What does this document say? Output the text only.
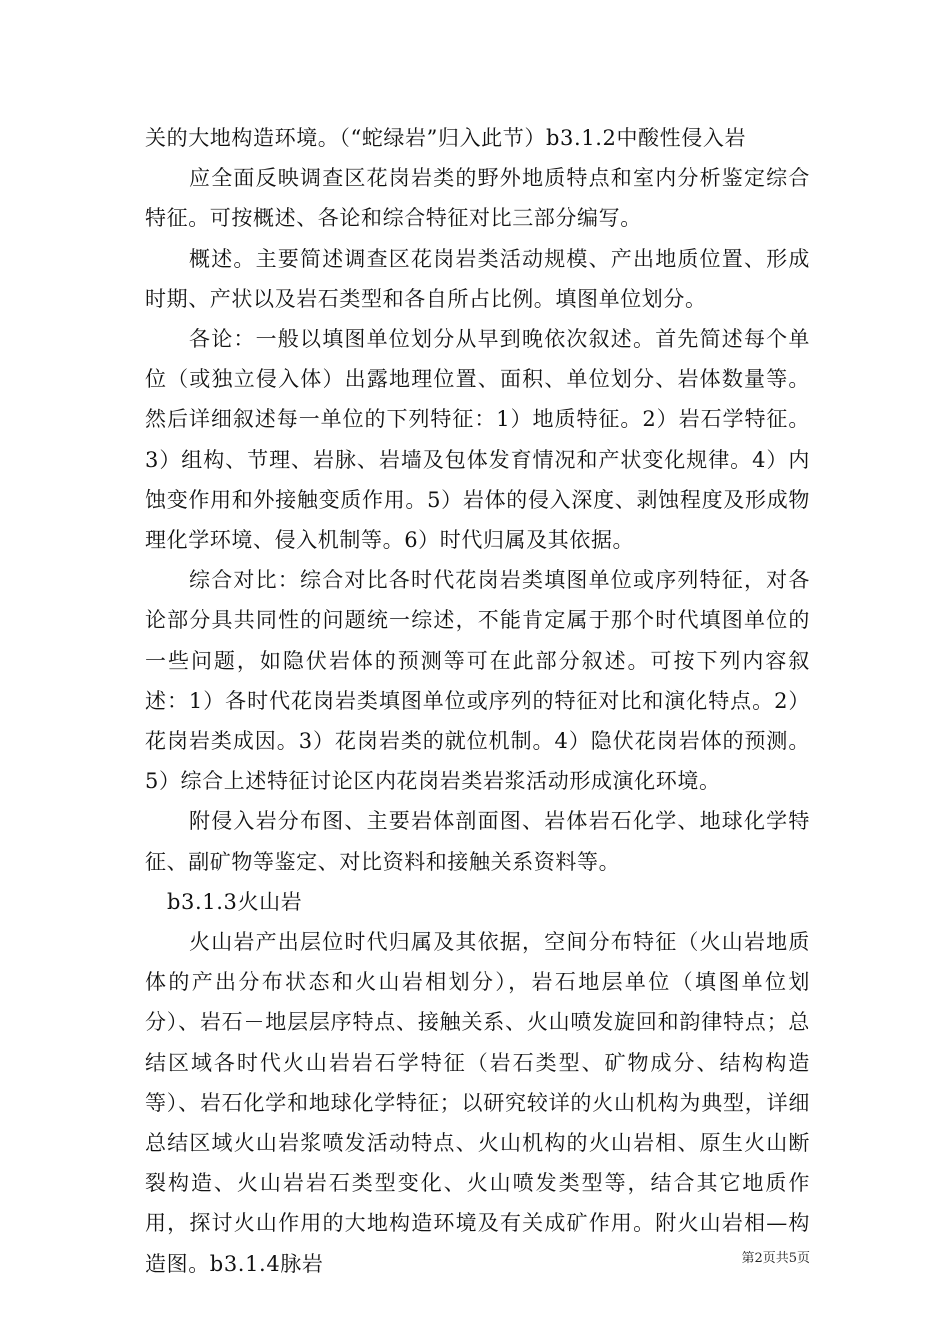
关的大地构造环境。（“蛇绿岩”归入此节）b3.1.2中酸性侵入岩

应全面反映调查区花岗岩类的野外地质特点和室内分析鉴定综合特征。可按概述、各论和综合特征对比三部分编写。

概述。主要简述调查区花岗岩类活动规模、产出地质位置、形成时期、产状以及岩石类型和各自所占比例。填图单位划分。

各论：一般以填图单位划分从早到晚依次叙述。首先简述每个单位（或独立侵入体）出露地理位置、面积、单位划分、岩体数量等。然后详细叙述每一单位的下列特征：1）地质特征。2）岩石学特征。3）组构、节理、岩脉、岩墙及包体发育情况和产状变化规律。4）内蚀变作用和外接触变质作用。5）岩体的侵入深度、剥蚀程度及形成物理化学环境、侵入机制等。6）时代归属及其依据。

综合对比：综合对比各时代花岗岩类填图单位或序列特征，对各论部分具共同性的问题统一综述，不能肯定属于那个时代填图单位的一些问题，如隐伏岩体的预测等可在此部分叙述。可按下列内容叙述：1）各时代花岗岩类填图单位或序列的特征对比和演化特点。2）花岗岩类成因。3）花岗岩类的就位机制。4）隐伏花岗岩体的预测。5）综合上述特征讨论区内花岗岩类岩浆活动形成演化环境。

附侵入岩分布图、主要岩体剖面图、岩体岩石化学、地球化学特征、副矿物等鉴定、对比资料和接触关系资料等。

b3.1.3火山岩

火山岩产出层位时代归属及其依据，空间分布特征（火山岩地质体的产出分布状态和火山岩相划分），岩石地层单位（填图单位划分）、岩石－地层层序特点、接触关系、火山喷发旋回和韵律特点；总结区域各时代火山岩岩石学特征（岩石类型、矿物成分、结构构造等）、岩石化学和地球化学特征；以研究较详的火山机构为典型，详细总结区域火山岩浆喷发活动特点、火山机构的火山岩相、原生火山断裂构造、火山岩岩石类型变化、火山喷发类型等，结合其它地质作用，探讨火山作用的大地构造环境及有关成矿作用。附火山岩相—构造图。b3.1.4脉岩	第2页共5页
